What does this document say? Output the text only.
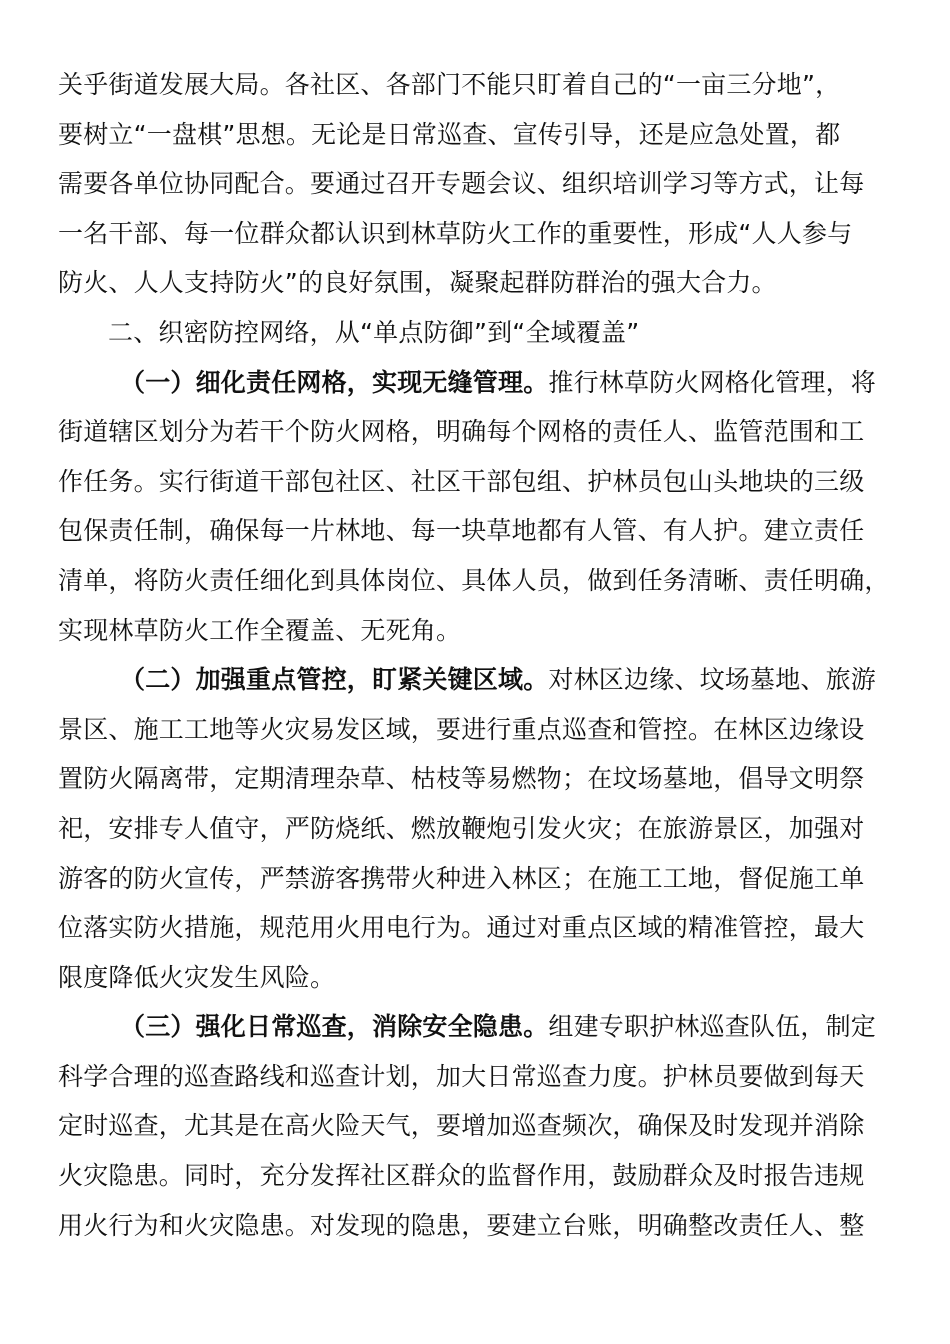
关乎街道发展大局。各社区、各部门不能只盯着自己的“一亩三分地”，
要树立“一盘棋”思想。无论是日常巡查、宣传引导，还是应急处置，都
需要各单位协同配合。要通过召开专题会议、组织培训学习等方式，让每
一名干部、每一位群众都认识到林草防火工作的重要性，形成“人人参与
防火、人人支持防火”的良好氛围，凝聚起群防群治的强大合力。
二、织密防控网络，从“单点防御”到“全域覆盖”
（一）细化责任网格，实现无缝管理。推行林草防火网格化管理，将
街道辖区划分为若干个防火网格，明确每个网格的责任人、监管范围和工
作任务。实行街道干部包社区、社区干部包组、护林员包山头地块的三级
包保责任制，确保每一片林地、每一块草地都有人管、有人护。建立责任
清单，将防火责任细化到具体岗位、具体人员，做到任务清晰、责任明确，
实现林草防火工作全覆盖、无死角。
（二）加强重点管控，盯紧关键区域。对林区边缘、坟场墓地、旅游
景区、施工工地等火灾易发区域，要进行重点巡查和管控。在林区边缘设
置防火隔离带，定期清理杂草、枯枝等易燃物；在坟场墓地，倡导文明祭
祀，安排专人值守，严防烧纸、燃放鞭炮引发火灾；在旅游景区，加强对
游客的防火宣传，严禁游客携带火种进入林区；在施工工地，督促施工单
位落实防火措施，规范用火用电行为。通过对重点区域的精准管控，最大
限度降低火灾发生风险。
（三）强化日常巡查，消除安全隐患。组建专职护林巡查队伍，制定
科学合理的巡查路线和巡查计划，加大日常巡查力度。护林员要做到每天
定时巡查，尤其是在高火险天气，要增加巡查频次，确保及时发现并消除
火灾隐患。同时，充分发挥社区群众的监督作用，鼓励群众及时报告违规
用火行为和火灾隐患。对发现的隐患，要建立台账，明确整改责任人、整
